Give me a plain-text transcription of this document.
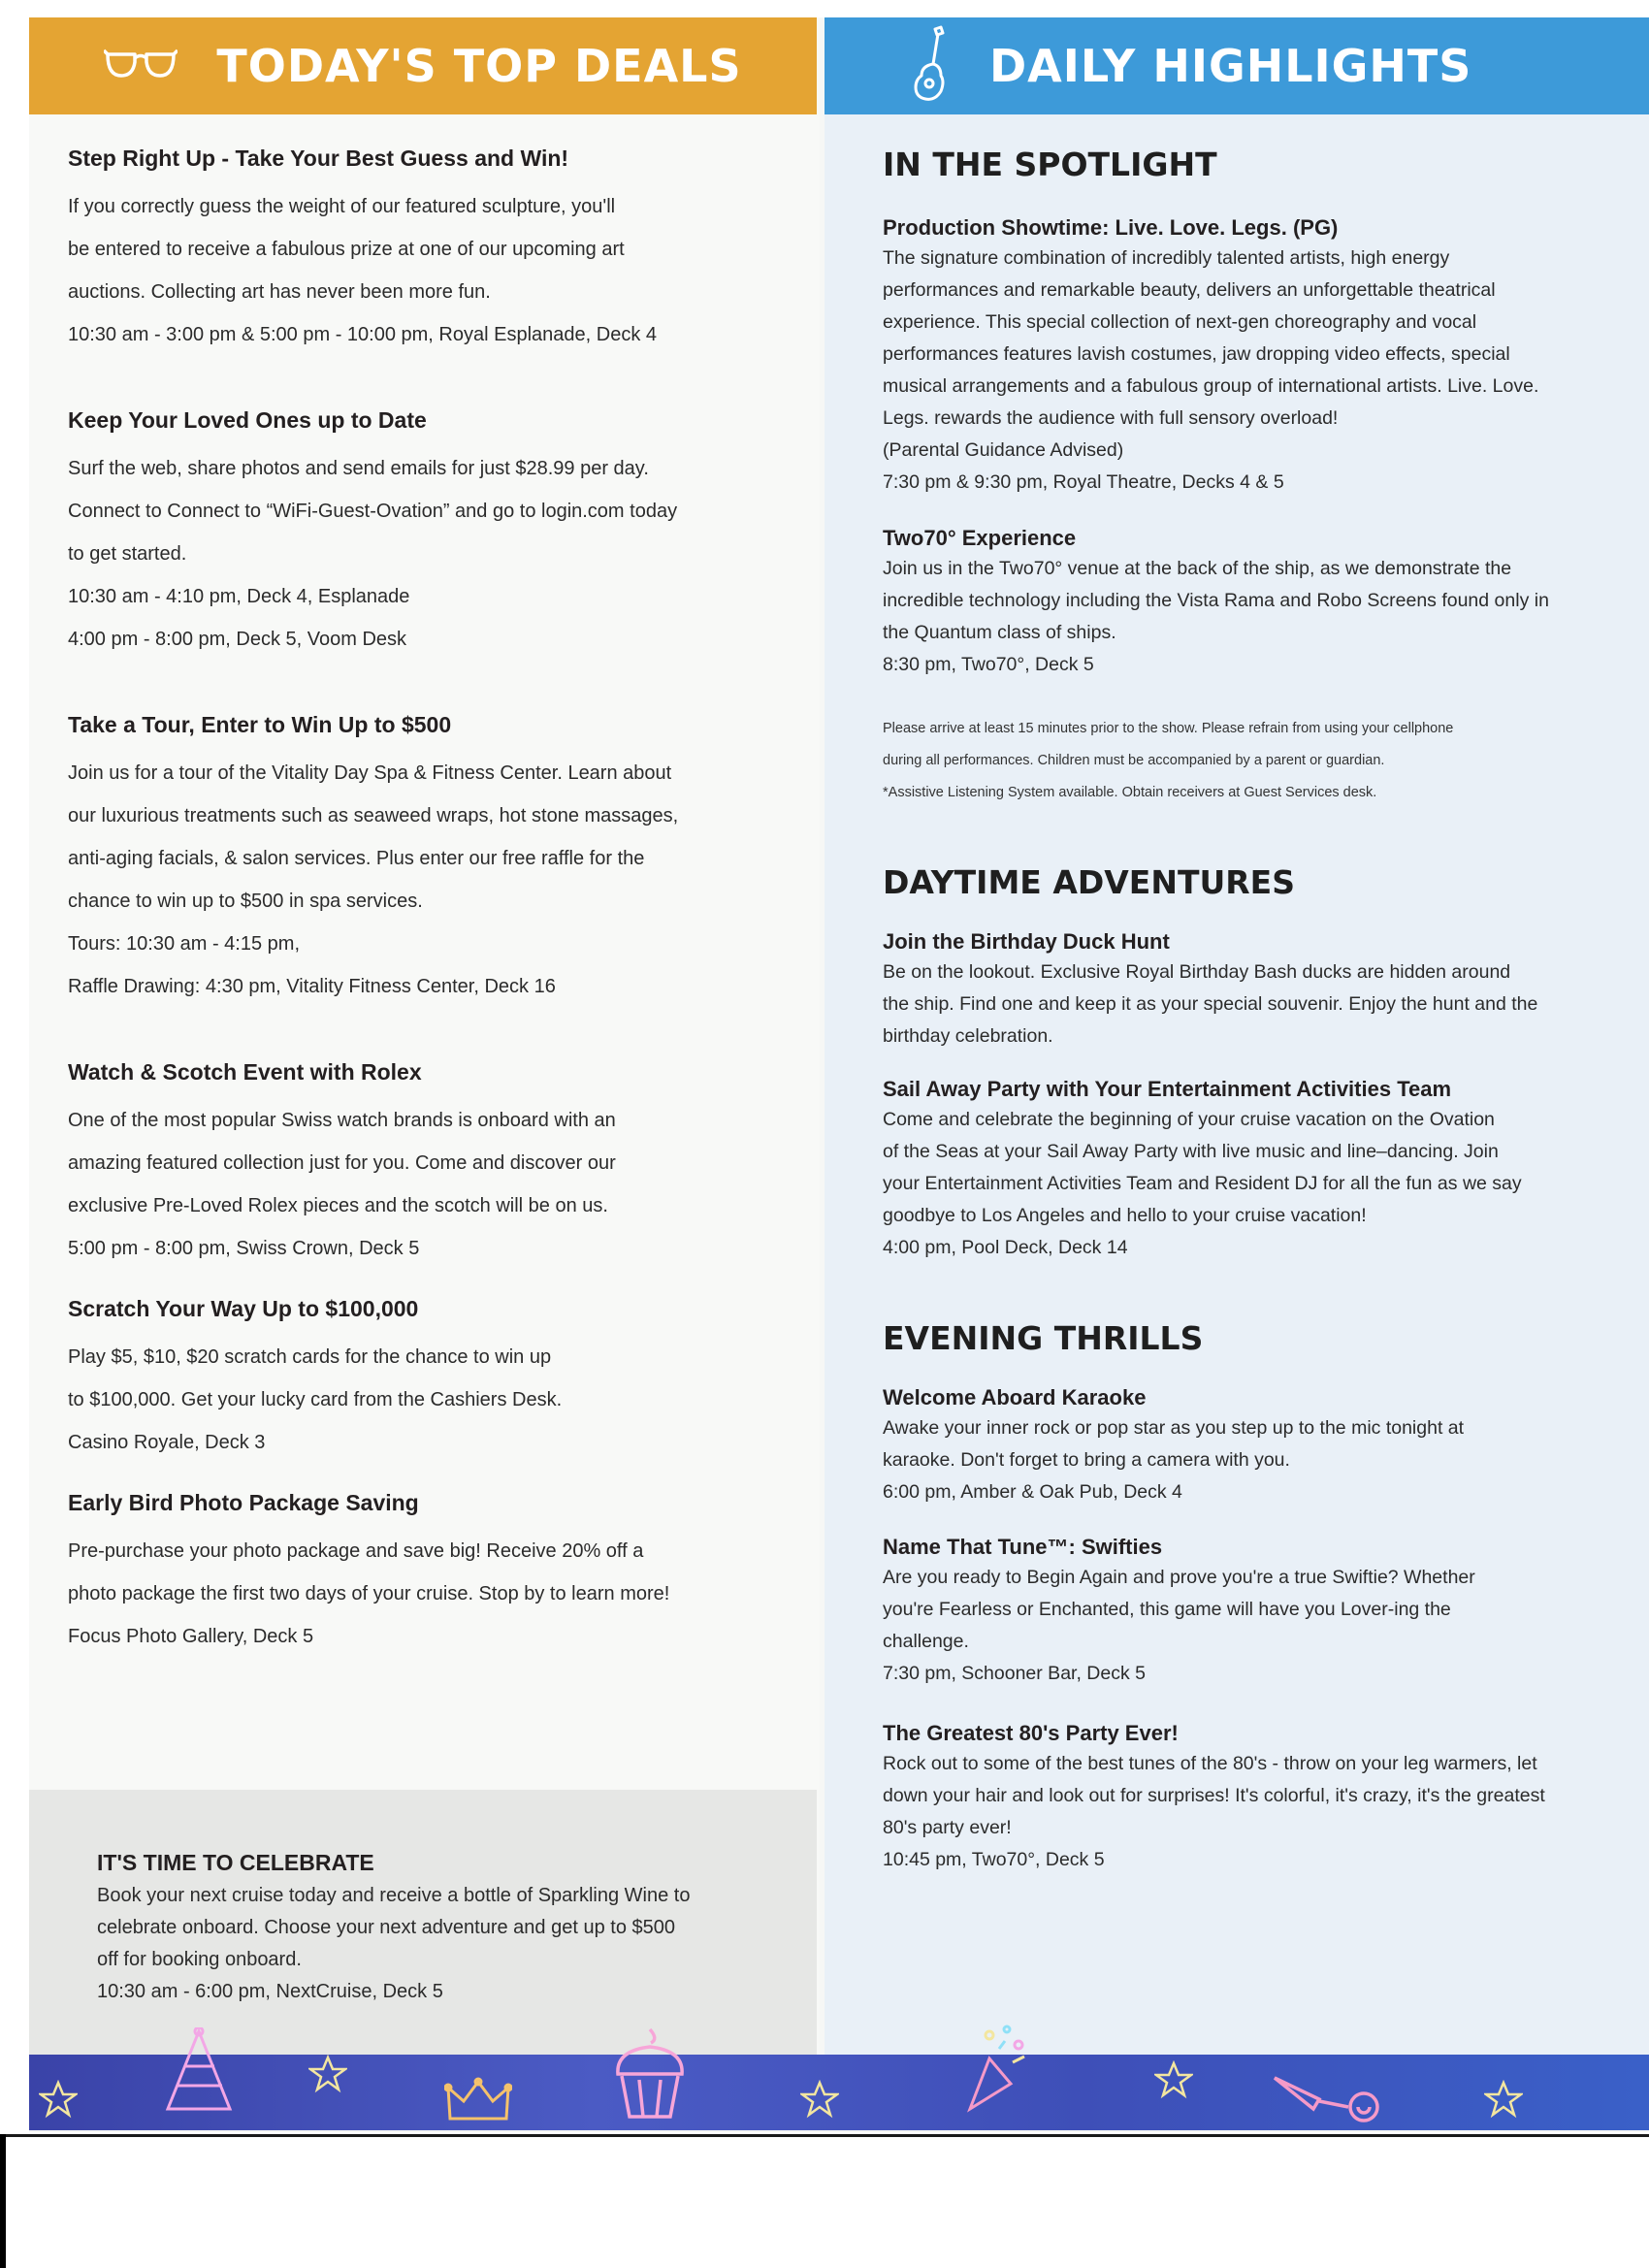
TODAY'S TOP DEALS	DAILY HIGHLIGHTS

Step Right Up - Take Your Best Guess and Win!

If you correctly guess the weight of our featured sculpture, you'll

be entered to receive a fabulous prize at one of our upcoming art

auctions. Collecting art has never been more fun.

10:30 am - 3:00 pm & 5:00 pm - 10:00 pm, Royal Esplanade, Deck 4

Keep Your Loved Ones up to Date

Surf the web, share photos and send emails for just $28.99 per day.

Connect to Connect to “WiFi-Guest-Ovation” and go to login.com today

to get started.

10:30 am - 4:10 pm, Deck 4, Esplanade

4:00 pm - 8:00 pm, Deck 5, Voom Desk

Take a Tour, Enter to Win Up to $500

Join us for a tour of the Vitality Day Spa & Fitness Center. Learn about

our luxurious treatments such as seaweed wraps, hot stone massages,

anti-aging facials, & salon services. Plus enter our free raffle for the

chance to win up to $500 in spa services.

Tours: 10:30 am - 4:15 pm,

Raffle Drawing: 4:30 pm, Vitality Fitness Center, Deck 16

Watch & Scotch Event with Rolex

One of the most popular Swiss watch brands is onboard with an

amazing featured collection just for you. Come and discover our

exclusive Pre-Loved Rolex pieces and the scotch will be on us.

5:00 pm - 8:00 pm, Swiss Crown, Deck 5

Scratch Your Way Up to $100,000

Play $5, $10, $20 scratch cards for the chance to win up

to $100,000. Get your lucky card from the Cashiers Desk.

Casino Royale, Deck 3

Early Bird Photo Package Saving

Pre-purchase your photo package and save big! Receive 20% off a

photo package the first two days of your cruise. Stop by to learn more!

Focus Photo Gallery, Deck 5

IT'S TIME TO CELEBRATE

Book your next cruise today and receive a bottle of Sparkling Wine to

celebrate onboard. Choose your next adventure and get up to $500

off for booking onboard.

10:30 am - 6:00 pm, NextCruise, Deck 5

IN THE SPOTLIGHT

Production Showtime: Live. Love. Legs. (PG)

The signature combination of incredibly talented artists, high energy

performances and remarkable beauty, delivers an unforgettable theatrical

experience. This special collection of next-gen choreography and vocal

performances features lavish costumes, jaw dropping video effects, special

musical arrangements and a fabulous group of international artists. Live. Love.

Legs. rewards the audience with full sensory overload!

(Parental Guidance Advised)

7:30 pm & 9:30 pm, Royal Theatre, Decks 4 & 5

Two70° Experience

Join us in the Two70° venue at the back of the ship, as we demonstrate the

incredible technology including the Vista Rama and Robo Screens found only in

the Quantum class of ships.

8:30 pm, Two70°, Deck 5

Please arrive at least 15 minutes prior to the show. Please refrain from using your cellphone

during all performances. Children must be accompanied by a parent or guardian.

*Assistive Listening System available. Obtain receivers at Guest Services desk.

DAYTIME ADVENTURES

Join the Birthday Duck Hunt

Be on the lookout. Exclusive Royal Birthday Bash ducks are hidden around

the ship. Find one and keep it as your special souvenir. Enjoy the hunt and the

birthday celebration.

Sail Away Party with Your Entertainment Activities Team

Come and celebrate the beginning of your cruise vacation on the Ovation

of the Seas at your Sail Away Party with live music and line–dancing. Join

your Entertainment Activities Team and Resident DJ for all the fun as we say

goodbye to Los Angeles and hello to your cruise vacation!

4:00 pm, Pool Deck, Deck 14

EVENING THRILLS

Welcome Aboard Karaoke

Awake your inner rock or pop star as you step up to the mic tonight at

karaoke. Don't forget to bring a camera with you.

6:00 pm, Amber & Oak Pub, Deck 4

Name That Tune™: Swifties

Are you ready to Begin Again and prove you're a true Swiftie? Whether

you're Fearless or Enchanted, this game will have you Lover-ing the

challenge.

7:30 pm, Schooner Bar, Deck 5

The Greatest 80's Party Ever!

Rock out to some of the best tunes of the 80's - throw on your leg warmers, let

down your hair and look out for surprises! It's colorful, it's crazy, it's the greatest

80's party ever!

10:45 pm, Two70°, Deck 5
